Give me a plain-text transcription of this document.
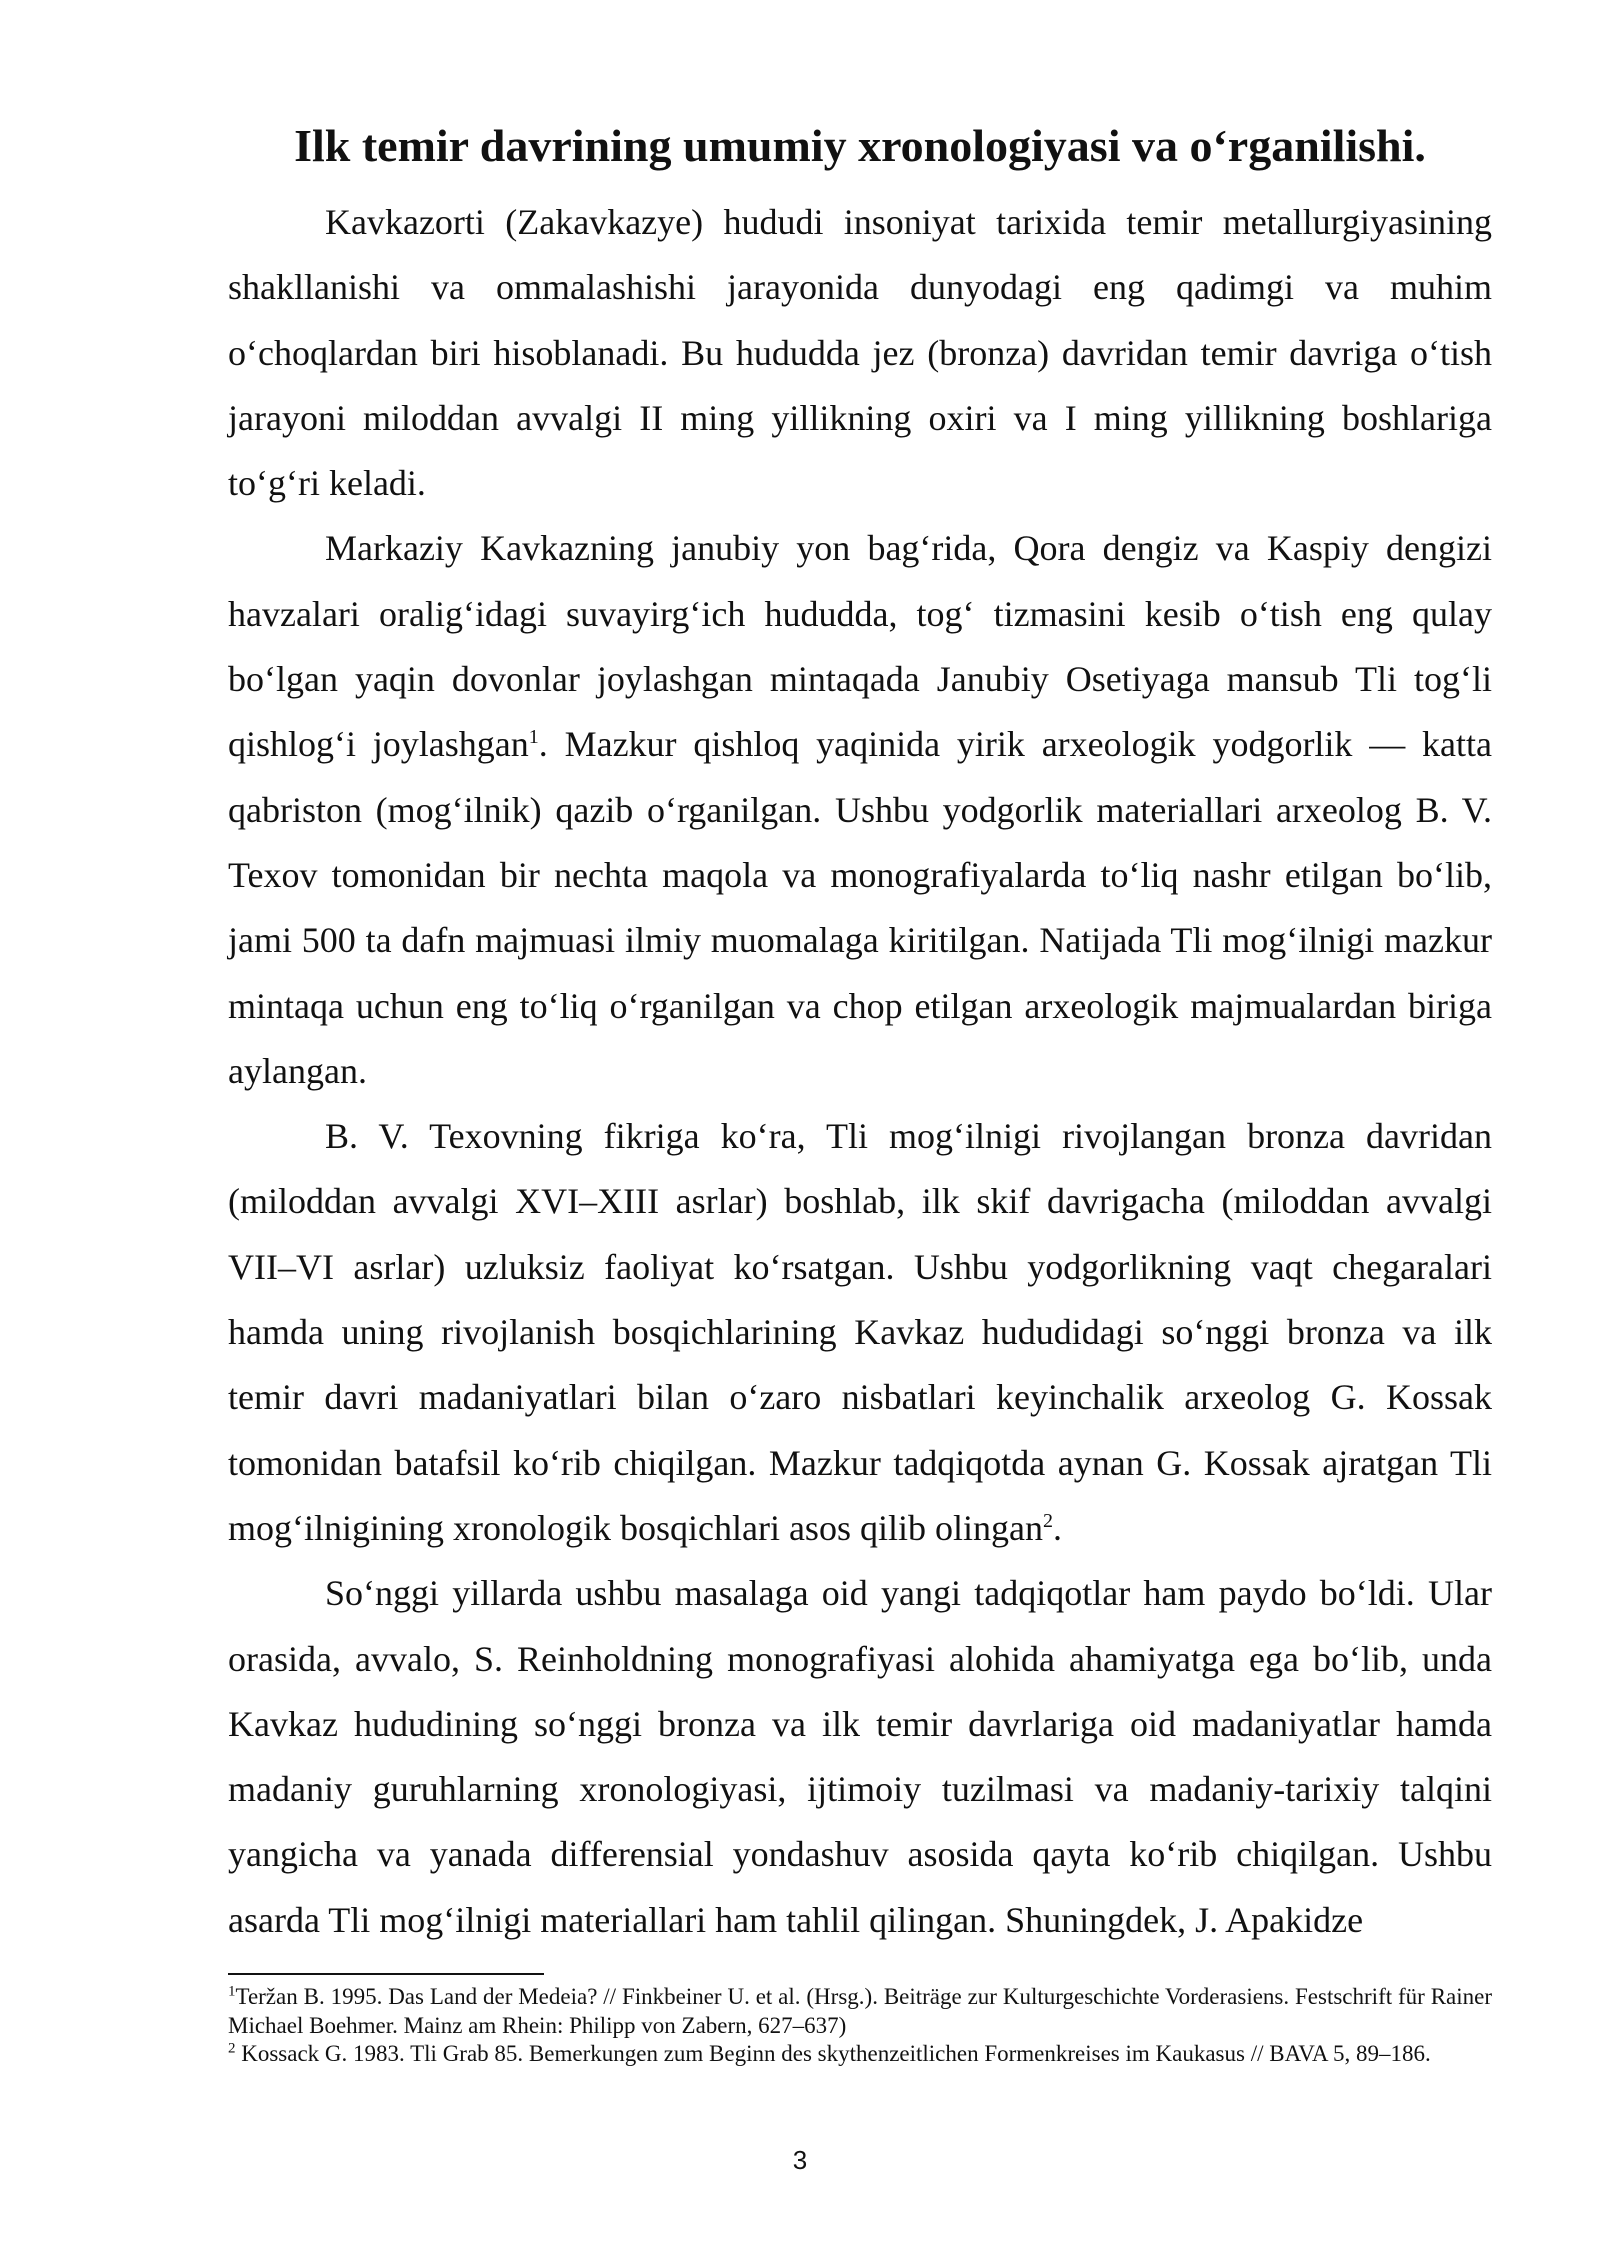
Ilk temir davrining umumiy xronologiyasi va o‘rganilishi.

Kavkazorti (Zakavkazye) hududi insoniyat tarixida temir metallurgiyasining shakllanishi va ommalashishi jarayonida dunyodagi eng qadimgi va muhim o‘choqlardan biri hisoblanadi. Bu hududda jez (bronza) davridan temir davriga o‘tish jarayoni miloddan avvalgi II ming yillikning oxiri va I ming yillikning boshlariga to‘g‘ri keladi.

Markaziy Kavkazning janubiy yon bag‘rida, Qora dengiz va Kaspiy dengizi havzalari oralig‘idagi suvayirg‘ich hududda, tog‘ tizmasini kesib o‘tish eng qulay bo‘lgan yaqin dovonlar joylashgan mintaqada Janubiy Osetiyaga mansub Tli tog‘li qishlog‘i joylashgan$^1$. Mazkur qishloq yaqinida yirik arxeologik yodgorlik — katta qabriston (mog‘ilnik) qazib o‘rganilgan. Ushbu yodgorlik materiallari arxeolog B. V. Texov tomonidan bir nechta maqola va monografiyalarda to‘liq nashr etilgan bo‘lib, jami 500 ta dafn majmuasi ilmiy muomalaga kiritilgan. Natijada Tli mog‘ilnigi mazkur mintaqa uchun eng to‘liq o‘rganilgan va chop etilgan arxeologik majmualardan biriga aylangan.

B. V. Texovning fikriga ko‘ra, Tli mog‘ilnigi rivojlangan bronza davridan (miloddan avvalgi XVI–XIII asrlar) boshlab, ilk skif davrigacha (miloddan avvalgi VII–VI asrlar) uzluksiz faoliyat ko‘rsatgan. Ushbu yodgorlikning vaqt chegaralari hamda uning rivojlanish bosqichlarining Kavkaz hududidagi so‘nggi bronza va ilk temir davri madaniyatlari bilan o‘zaro nisbatlari keyinchalik arxeolog G. Kossak tomonidan batafsil ko‘rib chiqilgan. Mazkur tadqiqotda aynan G. Kossak ajratgan Tli mog‘ilnigining xronologik bosqichlari asos qilib olingan$^2$.

So‘nggi yillarda ushbu masalaga oid yangi tadqiqotlar ham paydo bo‘ldi. Ular orasida, avvalo, S. Reinholdning monografiyasi alohida ahamiyatga ega bo‘lib, unda Kavkaz hududining so‘nggi bronza va ilk temir davrlariga oid madaniyatlar hamda madaniy guruhlarning xronologiyasi, ijtimoiy tuzilmasi va madaniy-tarixiy talqini yangicha va yanada differensial yondashuv asosida qayta ko‘rib chiqilgan. Ushbu asarda Tli mog‘ilnigi materiallari ham tahlil qilingan. Shuningdek, J. Apakidze

$^1$Teržan B. 1995. Das Land der Medeia? // Finkbeiner U. et al. (Hrsg.). Beiträge zur Kulturgeschichte Vorderasiens. Festschrift für Rainer Michael Boehmer. Mainz am Rhein: Philipp von Zabern, 627–637)

$^2$ Kossack G. 1983. Tli Grab 85. Bemerkungen zum Beginn des skythenzeitlichen Formenkreises im Kaukasus // BAVA 5, 89–186.

3
